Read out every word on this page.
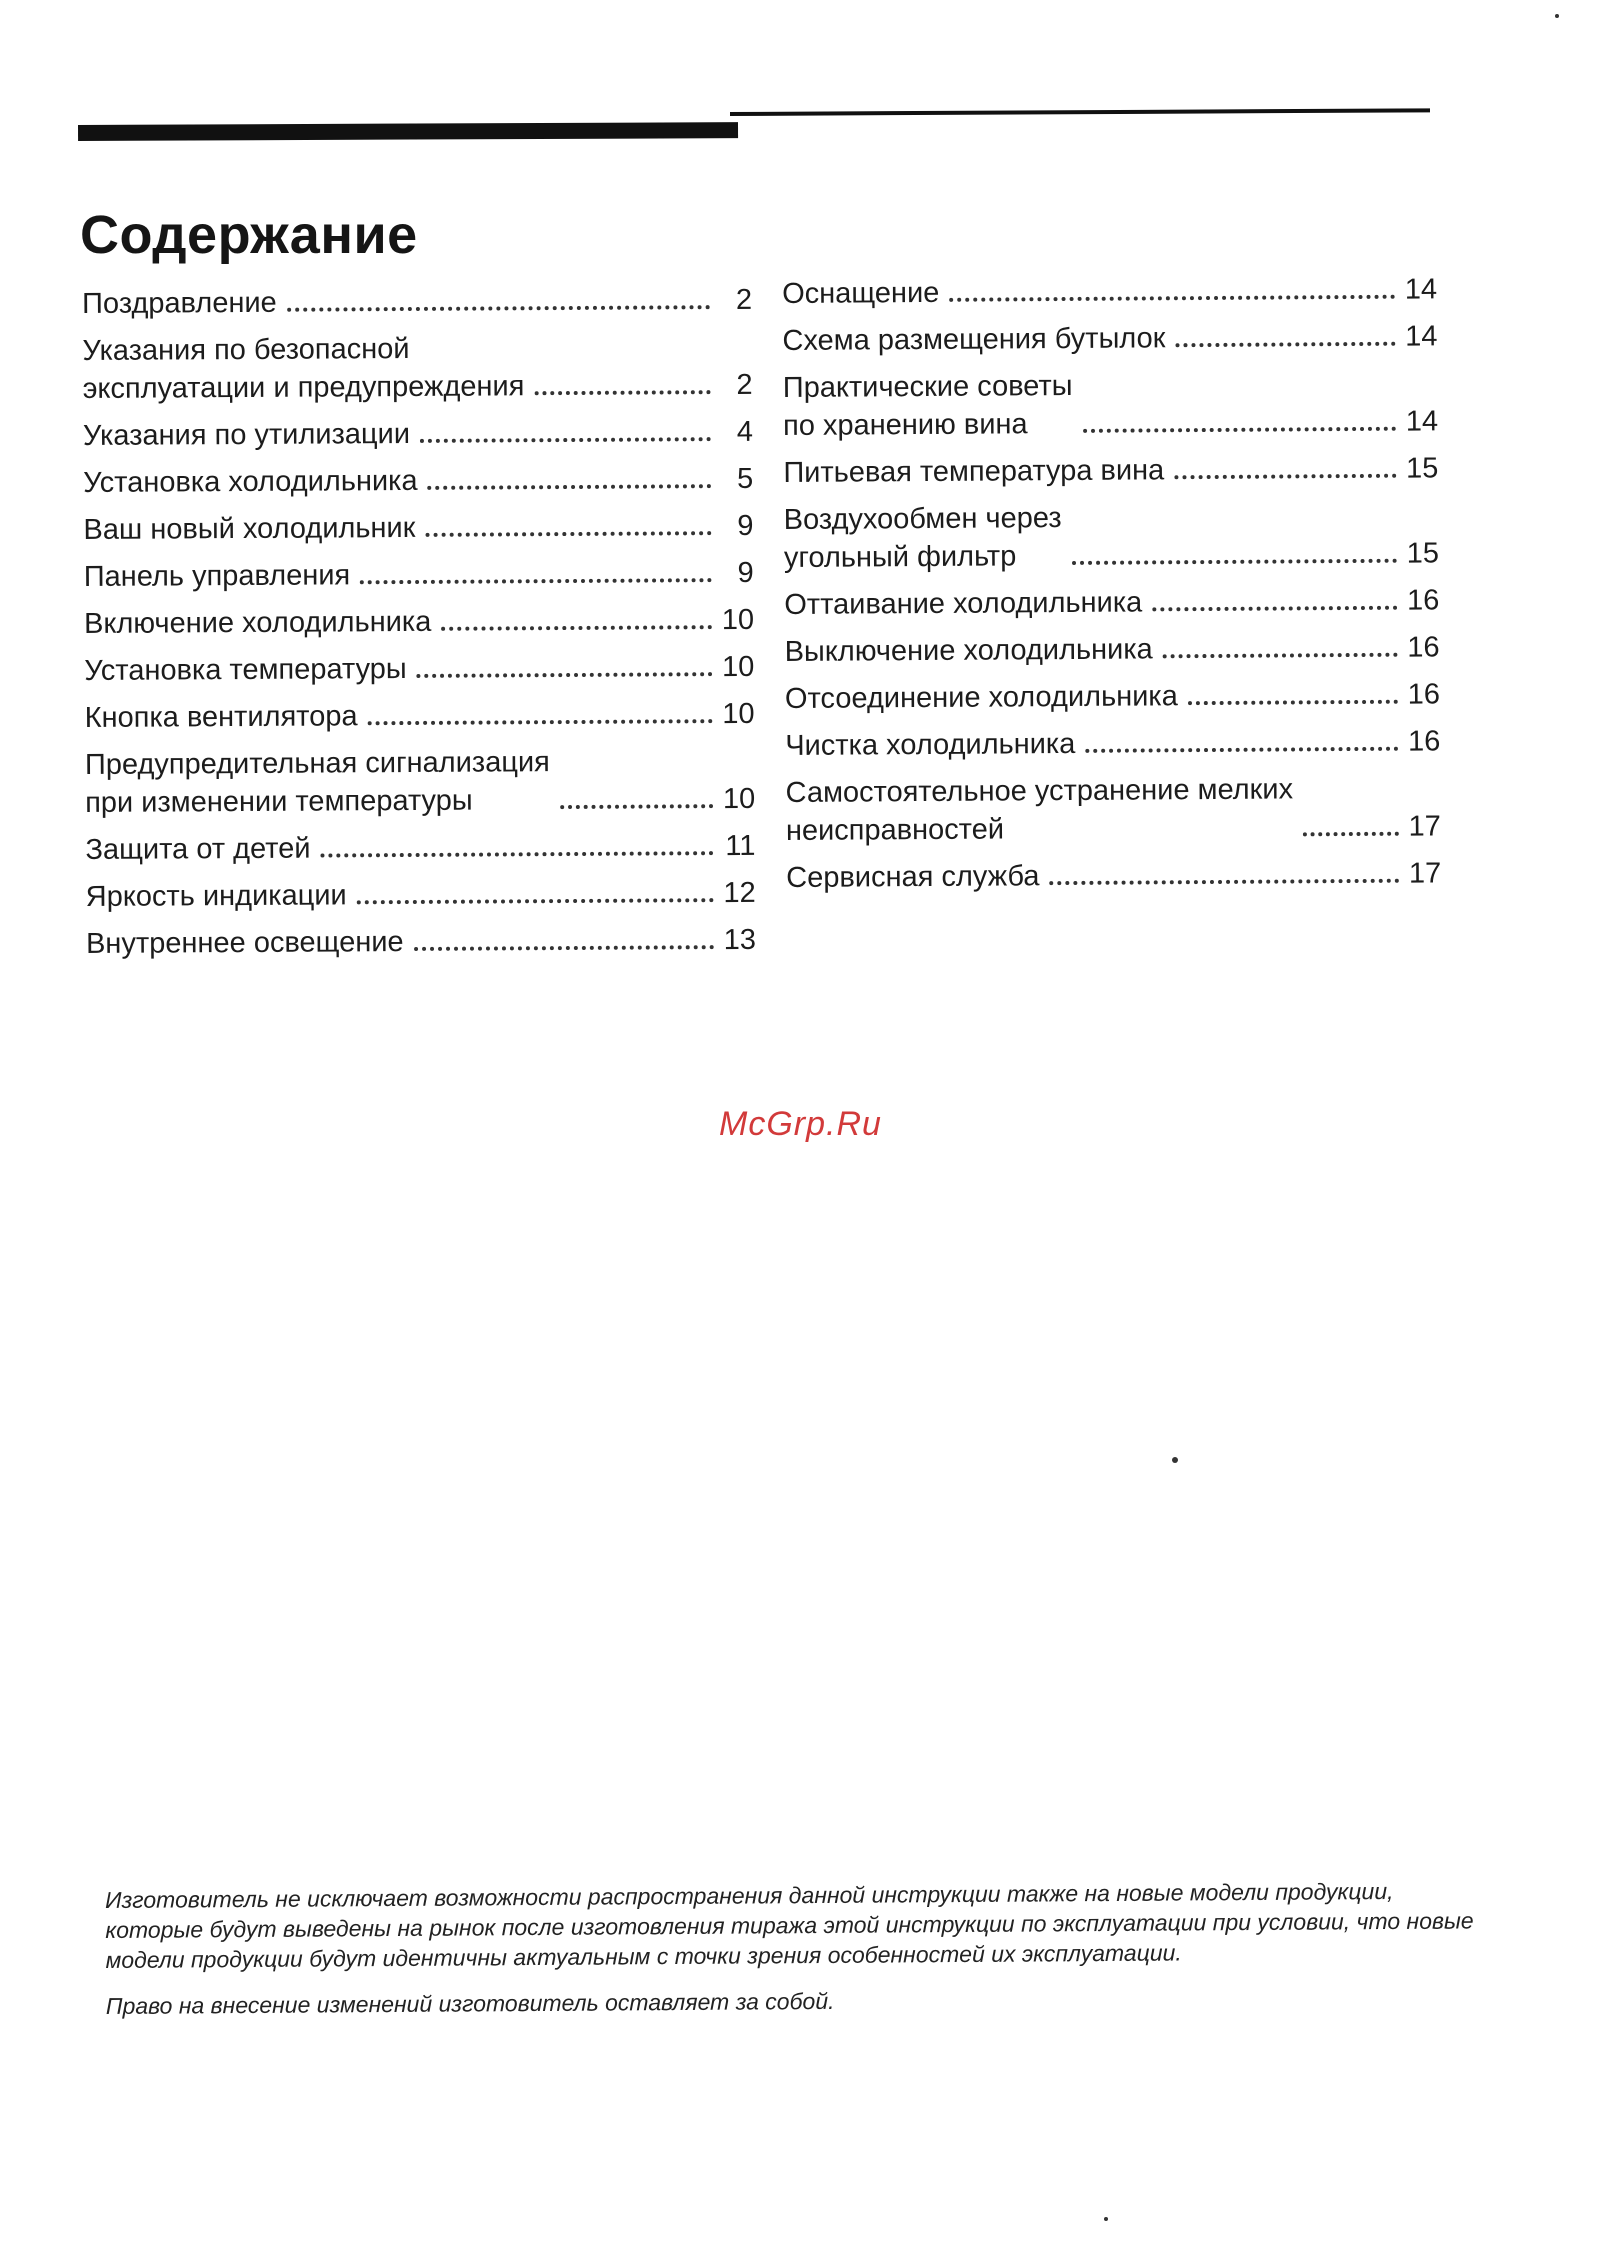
Содержание
Поздравление	2
Указания по безопасной
эксплуатации и предупреждения	2
Указания по утилизации	4
Установка холодильника	5
Ваш новый холодильник	9
Панель управления	9
Включение холодильника	10
Установка температуры	10
Кнопка вентилятора	10
Предупредительная сигнализация
при изменении температуры	10
Защита от детей	11
Яркость индикации	12
Внутреннее освещение	13
Оснащение	14
Схема размещения бутылок	14
Практические советы
по хранению вина	14
Питьевая температура вина	15
Воздухообмен через
угольный фильтр	15
Оттаивание холодильника	16
Выключение холодильника	16
Отсоединение холодильника	16
Чистка холодильника	16
Самостоятельное устранение мелких
неисправностей	17
Сервисная служба	17
McGrp.Ru

Изготовитель не исключает возможности распространения данной инструкции также на новые модели продукции, которые будут выведены на рынок после изготовления тиража этой инструкции по эксплуатации при условии, что новые модели продукции будут идентичны актуальным с точки зрения особенностей их эксплуатации.

Право на внесение изменений изготовитель оставляет за собой.
